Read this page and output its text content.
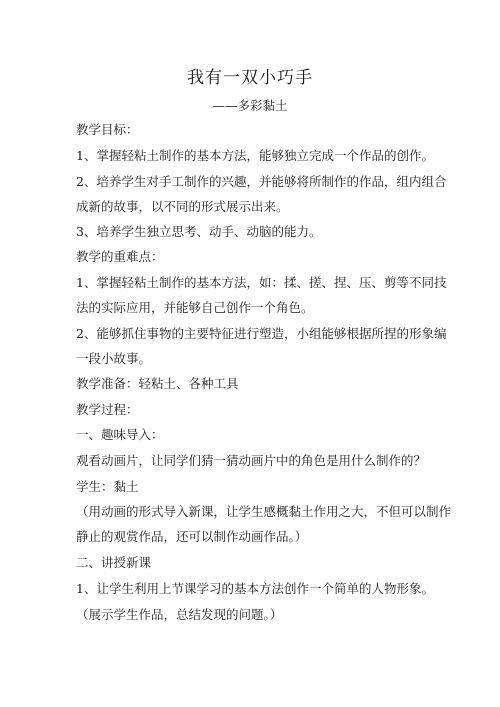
我有一双小巧手
——多彩黏土
教学目标：
1、掌握轻粘土制作的基本方法，能够独立完成一个作品的创作。
2、培养学生对手工制作的兴趣，并能够将所制作的作品，组内组合
成新的故事，以不同的形式展示出来。
3、培养学生独立思考、动手、动脑的能力。
教学的重难点：
1、掌握轻粘土制作的基本方法，如：揉、搓、捏、压、剪等不同技
法的实际应用，并能够自己创作一个角色。
2、能够抓住事物的主要特征进行塑造，小组能够根据所捏的形象编
一段小故事。
教学准备：轻粘土、各种工具
教学过程：
一、趣味导入：
观看动画片，让同学们猜一猜动画片中的角色是用什么制作的？
学生：黏土
（用动画的形式导入新课，让学生感概黏土作用之大，不但可以制作
静止的观赏作品，还可以制作动画作品。）
二、讲授新课
1、让学生利用上节课学习的基本方法创作一个简单的人物形象。
（展示学生作品，总结发现的问题。）
